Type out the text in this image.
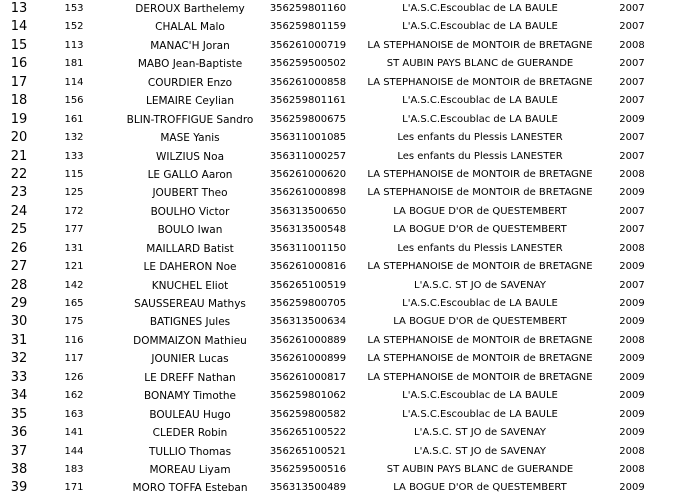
13	153	DEROUX Barthelemy	356259801160	L'A.S.C.Escoublac de LA BAULE	2007
14	152	CHALAL Malo	356259801159	L'A.S.C.Escoublac de LA BAULE	2007
15	113	MANAC'H Joran	356261000719	LA STEPHANOISE de MONTOIR de BRETAGNE	2008
16	181	MABO Jean-Baptiste	356259500502	ST AUBIN PAYS BLANC de GUERANDE	2007
17	114	COURDIER Enzo	356261000858	LA STEPHANOISE de MONTOIR de BRETAGNE	2007
18	156	LEMAIRE Ceylian	356259801161	L'A.S.C.Escoublac de LA BAULE	2007
19	161	BLIN-TROFFIGUE Sandro	356259800675	L'A.S.C.Escoublac de LA BAULE	2009
20	132	MASE Yanis	356311001085	Les enfants du Plessis LANESTER	2007
21	133	WILZIUS Noa	356311000257	Les enfants du Plessis LANESTER	2007
22	115	LE GALLO Aaron	356261000620	LA STEPHANOISE de MONTOIR de BRETAGNE	2008
23	125	JOUBERT Theo	356261000898	LA STEPHANOISE de MONTOIR de BRETAGNE	2009
24	172	BOULHO Victor	356313500650	LA BOGUE D'OR de QUESTEMBERT	2007
25	177	BOULO Iwan	356313500548	LA BOGUE D'OR de QUESTEMBERT	2007
26	131	MAILLARD Batist	356311001150	Les enfants du Plessis LANESTER	2008
27	121	LE DAHERON Noe	356261000816	LA STEPHANOISE de MONTOIR de BRETAGNE	2009
28	142	KNUCHEL Eliot	356265100519	L'A.S.C. ST JO de SAVENAY	2007
29	165	SAUSSEREAU Mathys	356259800705	L'A.S.C.Escoublac de LA BAULE	2009
30	175	BATIGNES Jules	356313500634	LA BOGUE D'OR de QUESTEMBERT	2009
31	116	DOMMAIZON Mathieu	356261000889	LA STEPHANOISE de MONTOIR de BRETAGNE	2008
32	117	JOUNIER Lucas	356261000899	LA STEPHANOISE de MONTOIR de BRETAGNE	2009
33	126	LE DREFF Nathan	356261000817	LA STEPHANOISE de MONTOIR de BRETAGNE	2009
34	162	BONAMY Timothe	356259801062	L'A.S.C.Escoublac de LA BAULE	2009
35	163	BOULEAU Hugo	356259800582	L'A.S.C.Escoublac de LA BAULE	2009
36	141	CLEDER Robin	356265100522	L'A.S.C. ST JO de SAVENAY	2009
37	144	TULLIO Thomas	356265100521	L'A.S.C. ST JO de SAVENAY	2008
38	183	MOREAU Liyam	356259500516	ST AUBIN PAYS BLANC de GUERANDE	2008
39	171	MORO TOFFA Esteban	356313500489	LA BOGUE D'OR de QUESTEMBERT	2009
